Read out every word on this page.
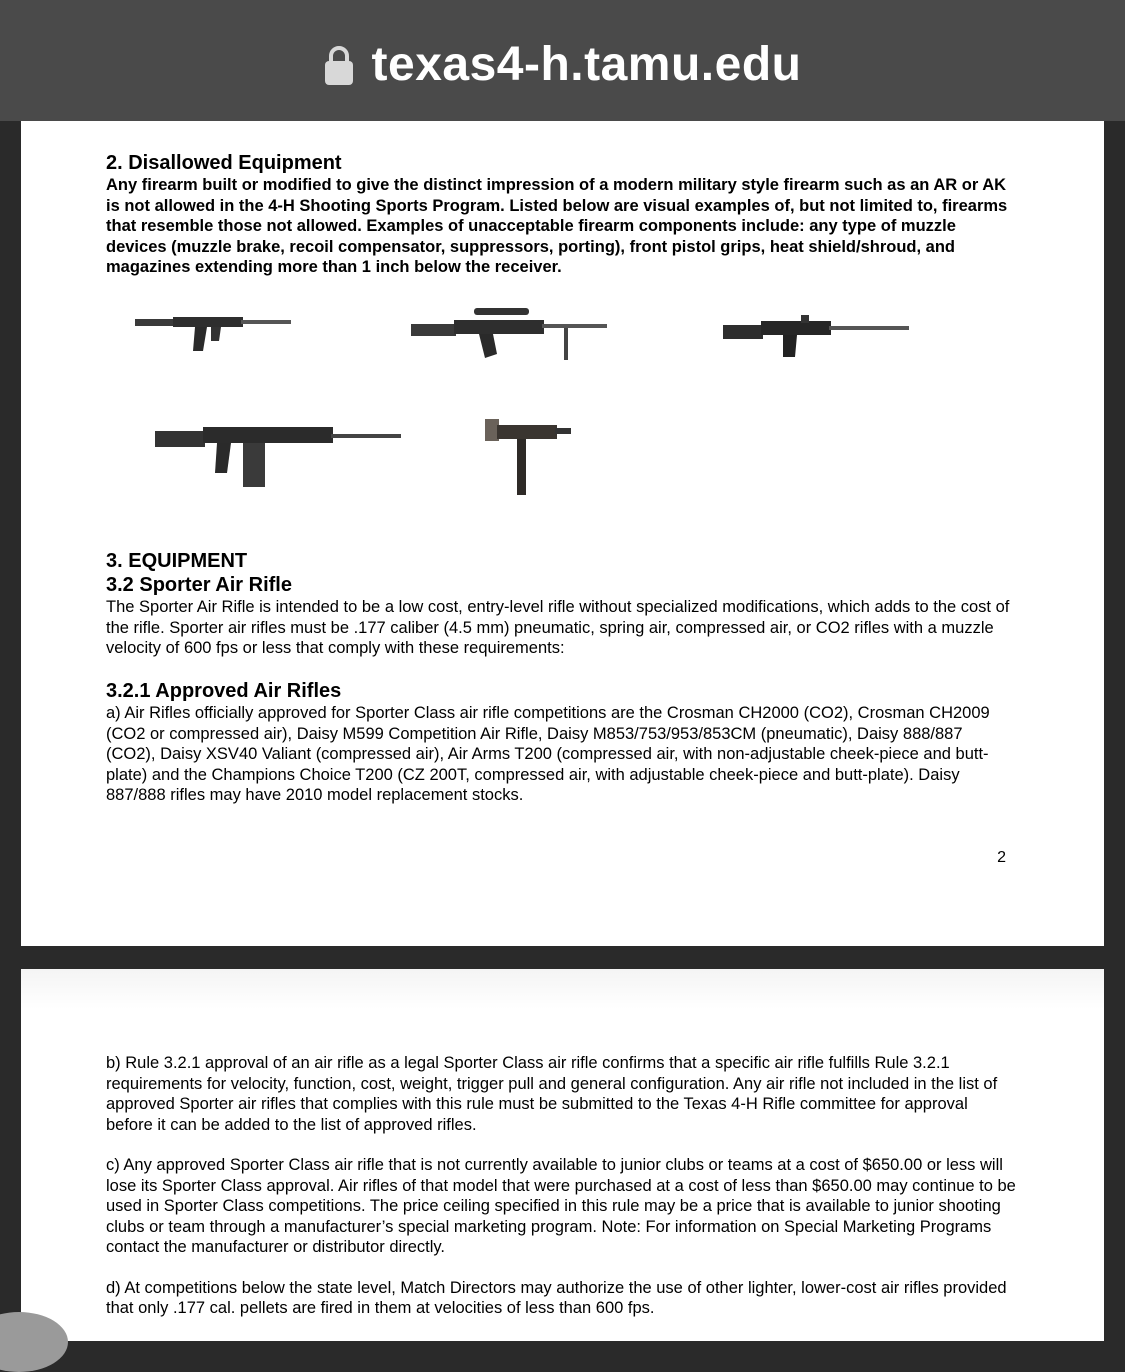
texas4-h.tamu.edu
2. Disallowed Equipment

Any firearm built or modified to give the distinct impression of a modern military style firearm such as an AR or AK is not allowed in the 4-H Shooting Sports Program. Listed below are visual examples of, but not limited to, firearms that resemble those not allowed. Examples of unacceptable firearm components include: any type of muzzle devices (muzzle brake, recoil compensator, suppressors, porting), front pistol grips, heat shield/shroud, and magazines extending more than 1 inch below the receiver.

3. EQUIPMENT
3.2 Sporter Air Rifle

The Sporter Air Rifle is intended to be a low cost, entry-level rifle without specialized modifications, which adds to the cost of the rifle. Sporter air rifles must be .177 caliber (4.5 mm) pneumatic, spring air, compressed air, or CO2 rifles with a muzzle velocity of 600 fps or less that comply with these requirements:

3.2.1 Approved Air Rifles

a) Air Rifles officially approved for Sporter Class air rifle competitions are the Crosman CH2000 (CO2), Crosman CH2009 (CO2 or compressed air), Daisy M599 Competition Air Rifle, Daisy M853/753/953/853CM (pneumatic), Daisy 888/887 (CO2), Daisy XSV40 Valiant (compressed air), Air Arms T200 (compressed air, with non-adjustable cheek-piece and butt-plate) and the Champions Choice T200 (CZ 200T, compressed air, with adjustable cheek-piece and butt-plate). Daisy 887/888 rifles may have 2010 model replacement stocks.

2

b) Rule 3.2.1 approval of an air rifle as a legal Sporter Class air rifle confirms that a specific air rifle fulfills Rule 3.2.1 requirements for velocity, function, cost, weight, trigger pull and general configuration. Any air rifle not included in the list of approved Sporter air rifles that complies with this rule must be submitted to the Texas 4-H Rifle committee for approval before it can be added to the list of approved rifles.

c) Any approved Sporter Class air rifle that is not currently available to junior clubs or teams at a cost of $650.00 or less will lose its Sporter Class approval. Air rifles of that model that were purchased at a cost of less than $650.00 may continue to be used in Sporter Class competitions. The price ceiling specified in this rule may be a price that is available to junior shooting clubs or team through a manufacturer’s special marketing program. Note: For information on Special Marketing Programs contact the manufacturer or distributor directly.

d) At competitions below the state level, Match Directors may authorize the use of other lighter, lower-cost air rifles provided that only .177 cal. pellets are fired in them at velocities of less than 600 fps.
